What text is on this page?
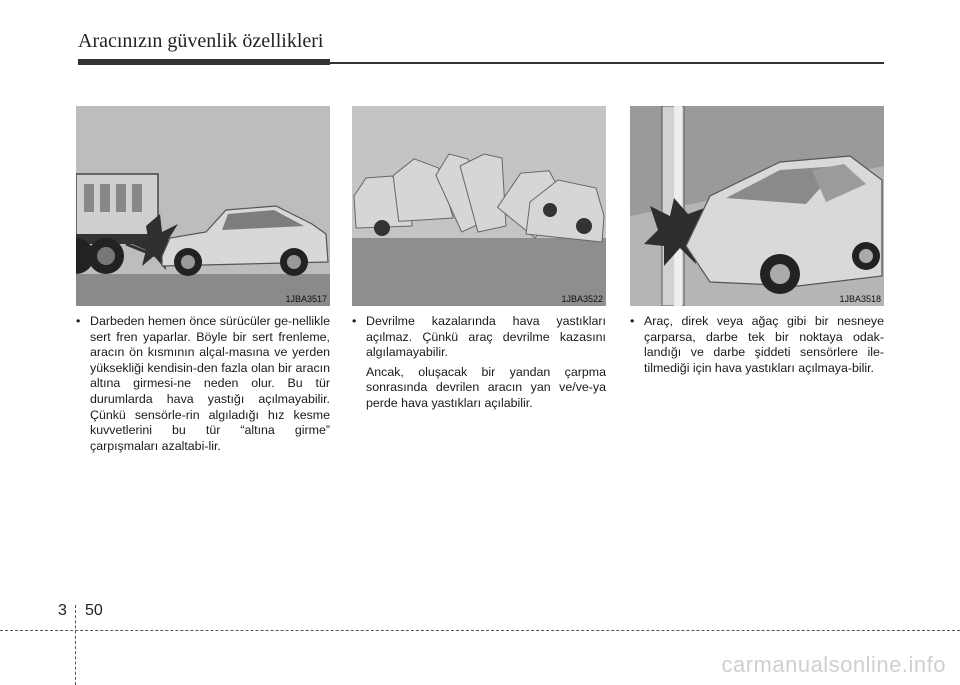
Aracınızın güvenlik özellikleri
1JBA3517	1JBA3522	1JBA3518
• Darbeden hemen önce sürücüler ge-nellikle sert fren yaparlar. Böyle bir sert frenleme, aracın ön kısmının alçal-masına ve yerden yüksekliği kendisin-den fazla olan bir aracın altına girmesi-ne neden olur. Bu tür durumlarda hava yastığı açılmayabilir. Çünkü sensörle-rin algıladığı hız kesme kuvvetlerini bu tür “altına girme” çarpışmaları azaltabi-lir.
• Devrilme kazalarında hava yastıkları açılmaz. Çünkü araç devrilme kazasını algılamayabilir.

Ancak, oluşacak bir yandan çarpma sonrasında devrilen aracın yan ve/ve-ya perde hava yastıkları açılabilir.

• Araç, direk veya ağaç gibi bir nesneye çarparsa, darbe tek bir noktaya odak-landığı ve darbe şiddeti sensörlere ile-tilmediği için hava yastıkları açılmaya-bilir.
3 50
carmanualsonline.info
